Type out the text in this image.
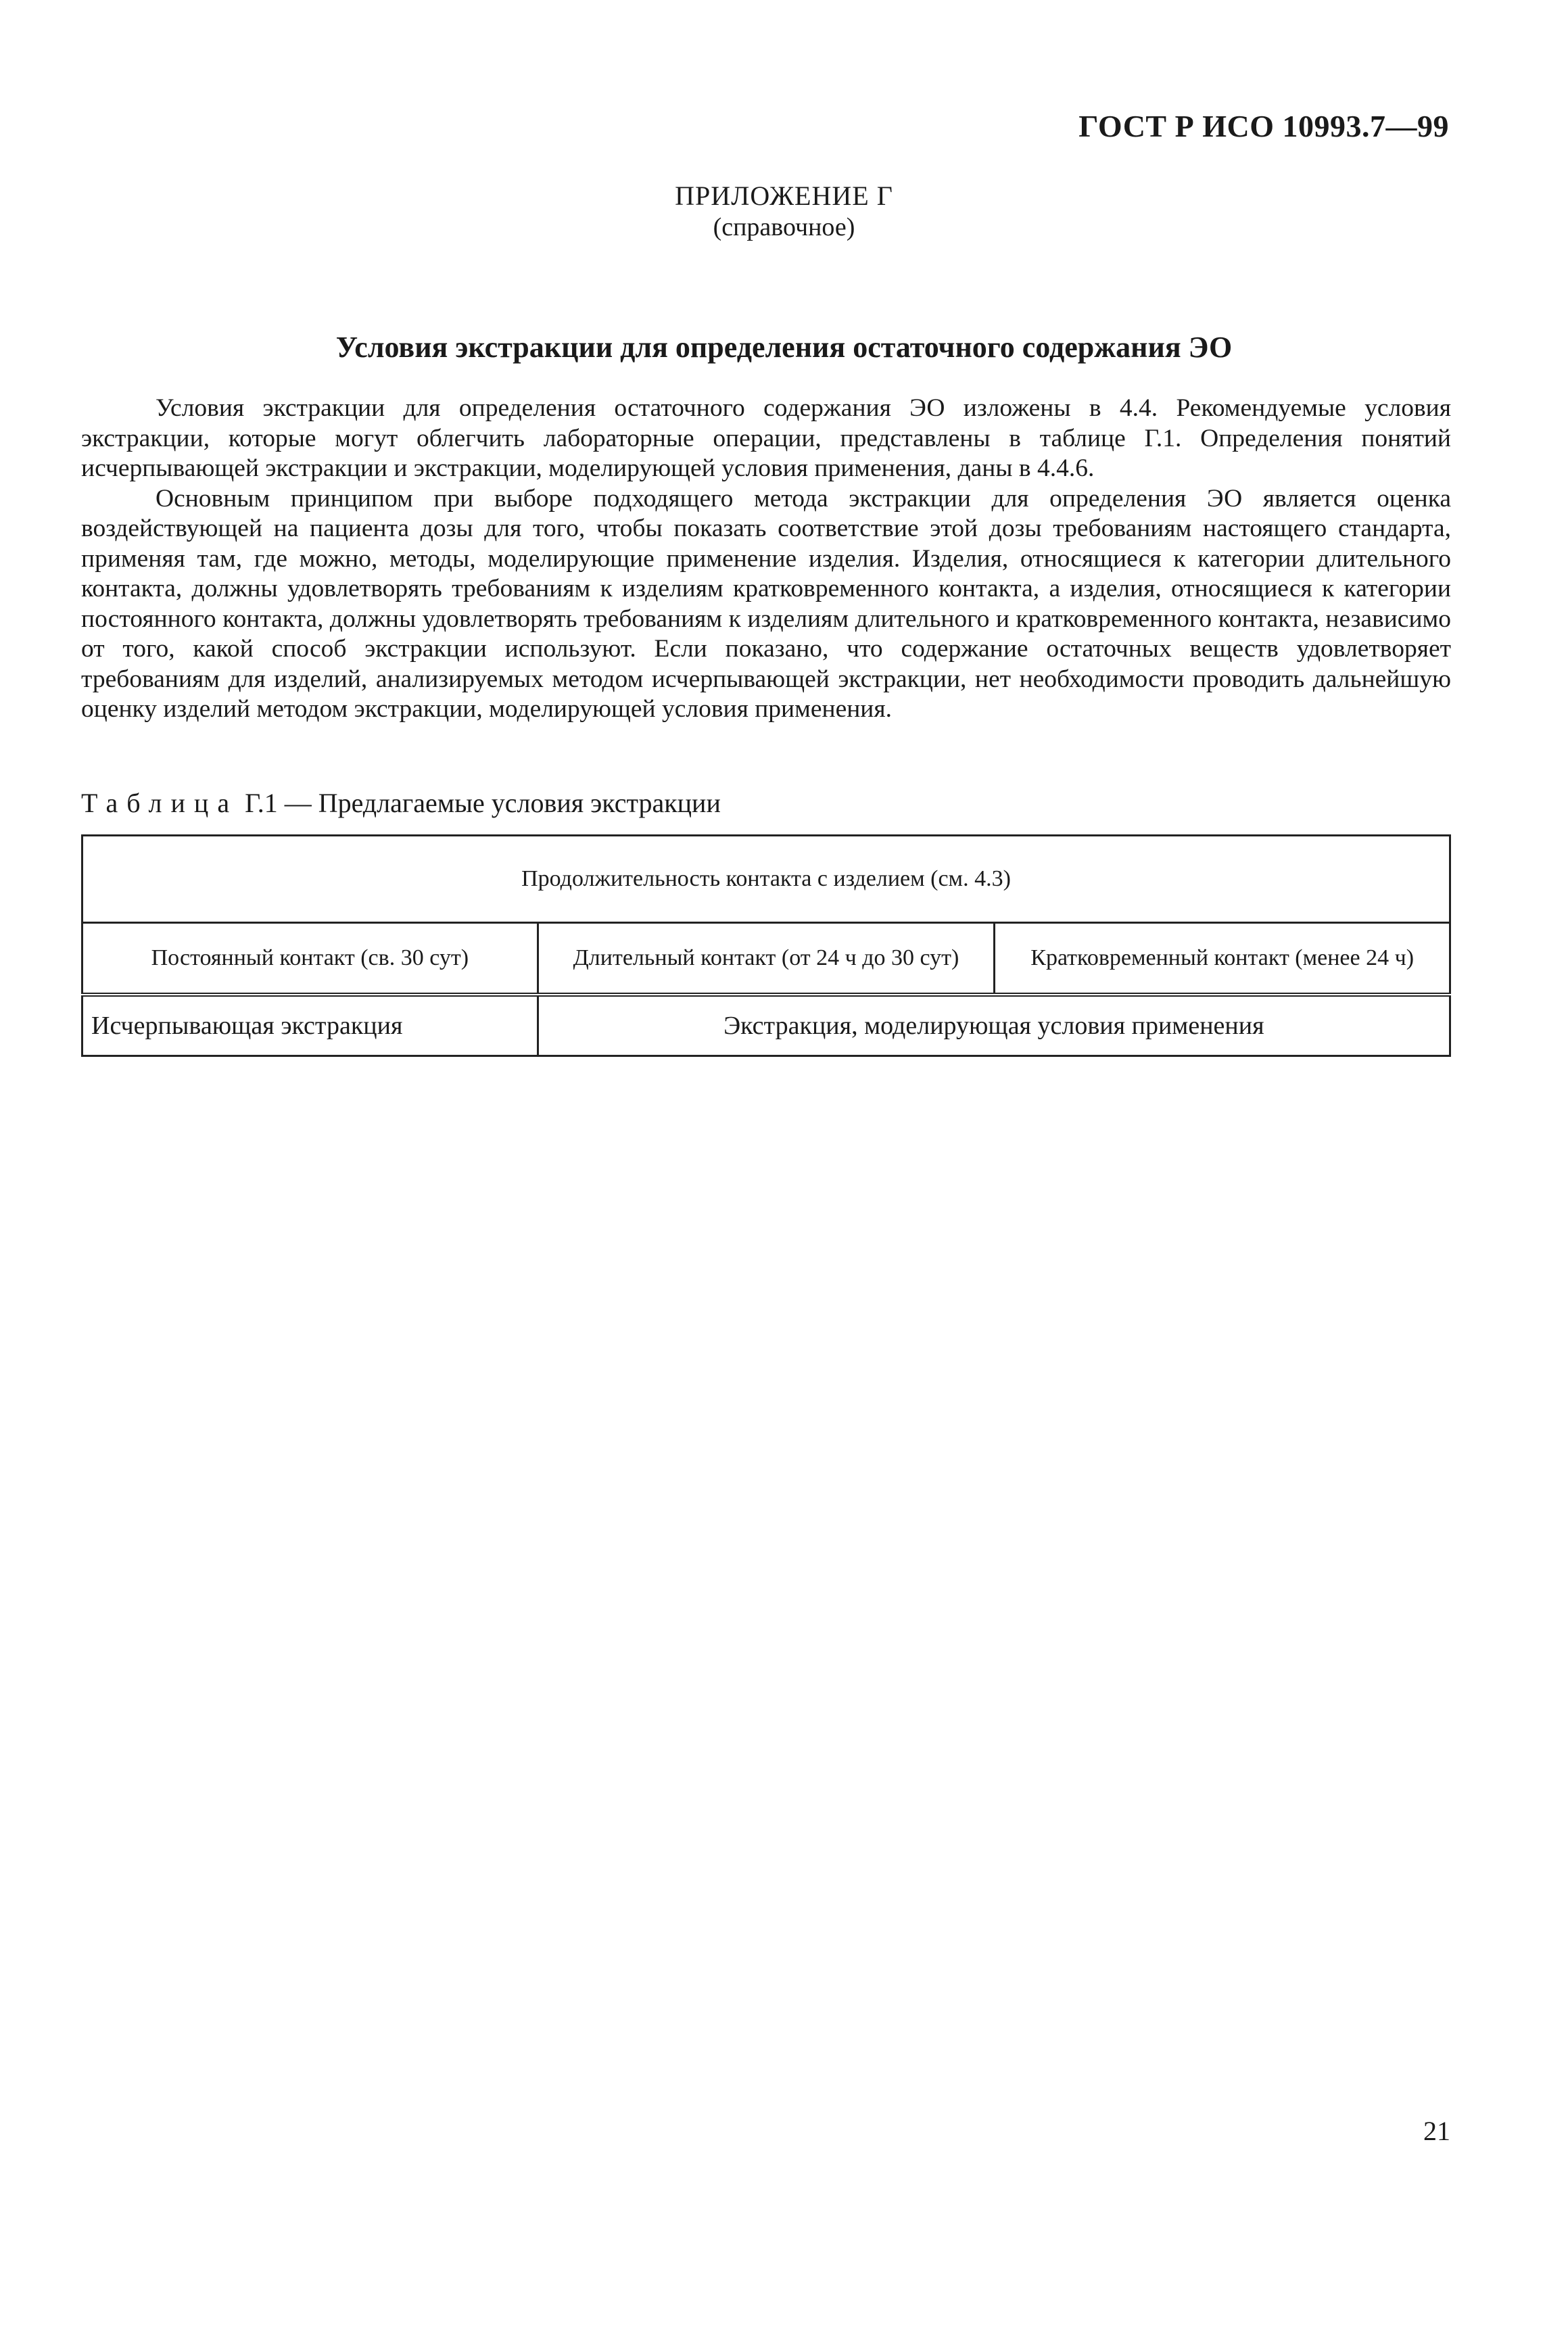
ГОСТ Р ИСО 10993.7—99
ПРИЛОЖЕНИЕ Г
(справочное)
Условия экстракции для определения остаточного содержания ЭО

Условия экстракции для определения остаточного содержания ЭО изложены в 4.4. Рекомендуемые условия экстракции, которые могут облегчить лабораторные операции, представлены в таблице Г.1. Определения понятий исчерпывающей экстракции и экстракции, моделирующей условия применения, даны в 4.4.6.

Основным принципом при выборе подходящего метода экстракции для определения ЭО является оценка воздействующей на пациента дозы для того, чтобы показать соответствие этой дозы требованиям настоящего стандарта, применяя там, где можно, методы, моделирующие применение изделия. Изделия, относящиеся к категории длительного контакта, должны удовлетворять требованиям к изделиям кратковременного контакта, а изделия, относящиеся к категории постоянного контакта, должны удовлетворять требованиям к изделиям длительного и кратковременного контакта, независимо от того, какой способ экстракции используют. Если показано, что содержание остаточных веществ удовлетворяет требованиям для изделий, анализируемых методом исчерпывающей экстракции, нет необходимости проводить дальнейшую оценку изделий методом экстракции, моделирующей условия применения.

Таблица Г.1 — Предлагаемые условия экстракции
Продолжительность контакта с изделием (см. 4.3)		
Постоянный контакт (св. 30 сут)	Длительный контакт (от 24 ч до 30 сут)	Кратковременный контакт (менее 24 ч)
Исчерпывающая экстракция	Экстракция, моделирующая условия применения	
21
